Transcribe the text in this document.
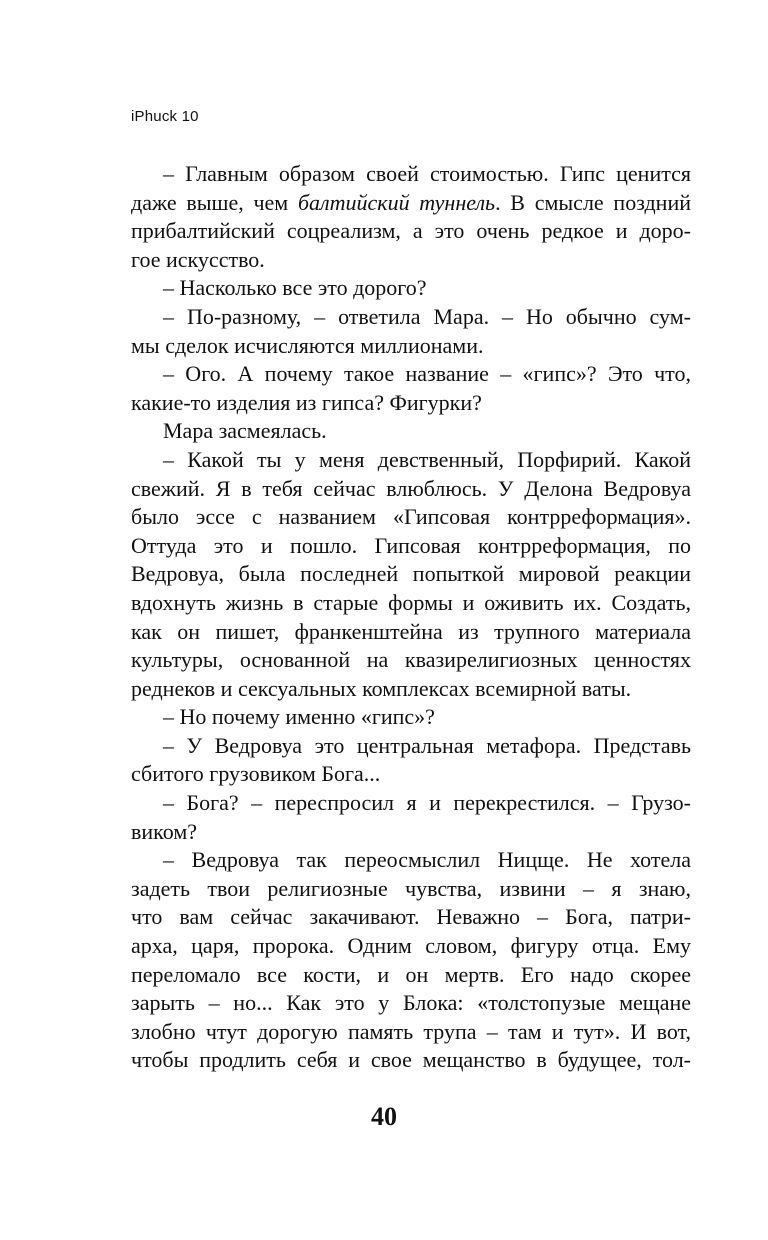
iPhuck 10
– Главным образом своей стоимостью. Гипс ценится
даже выше, чем балтийский туннель. В смысле поздний
прибалтийский соцреализм, а это очень редкое и доро-
гое искусство.
– Насколько все это дорого?
– По-разному, – ответила Мара. – Но обычно сум-
мы сделок исчисляются миллионами.
– Ого. А почему такое название – «гипс»? Это что,
какие-то изделия из гипса? Фигурки?
Мара засмеялась.
– Какой ты у меня девственный, Порфирий. Какой
свежий. Я в тебя сейчас влюблюсь. У Делона Ведровуа
было эссе с названием «Гипсовая контрреформация».
Оттуда это и пошло. Гипсовая контрреформация, по
Ведровуа, была последней попыткой мировой реакции
вдохнуть жизнь в старые формы и оживить их. Создать,
как он пишет, франкенштейна из трупного материала
культуры, основанной на квазирелигиозных ценностях
реднеков и сексуальных комплексах всемирной ваты.
– Но почему именно «гипс»?
– У Ведровуа это центральная метафора. Представь
сбитого грузовиком Бога...
– Бога? – переспросил я и перекрестился. – Грузо-
виком?
– Ведровуа так переосмыслил Ницще. Не хотела
задеть твои религиозные чувства, извини – я знаю,
что вам сейчас закачивают. Неважно – Бога, патри-
арха, царя, пророка. Одним словом, фигуру отца. Ему
переломало все кости, и он мертв. Его надо скорее
зарыть – но... Как это у Блока: «толстопузые мещане
злобно чтут дорогую память трупа – там и тут». И вот,
чтобы продлить себя и свое мещанство в будущее, тол-
40
